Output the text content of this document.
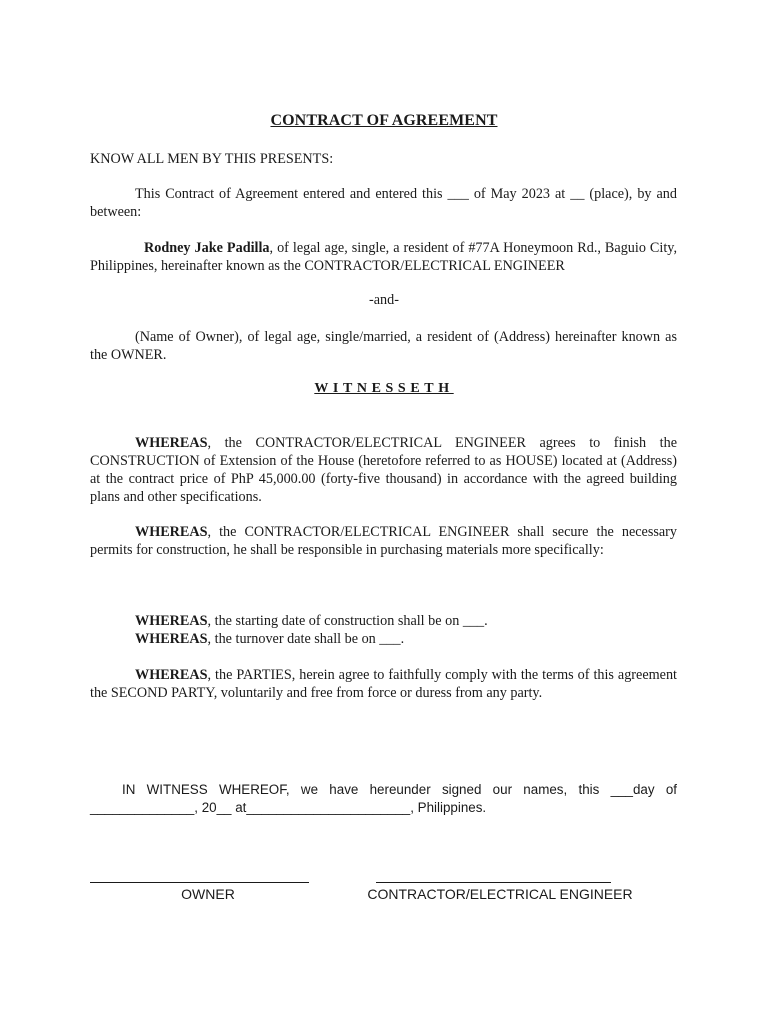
CONTRACT OF AGREEMENT
KNOW ALL MEN BY THIS PRESENTS:
This Contract of Agreement entered and entered this ___ of May 2023 at __ (place), by and between:
Rodney Jake Padilla, of legal age, single, a resident of #77A Honeymoon Rd., Baguio City, Philippines, hereinafter known as the CONTRACTOR/ELECTRICAL ENGINEER
-and-
(Name of Owner), of legal age, single/married, a resident of (Address) hereinafter known as the OWNER.
WITNESSETH
WHEREAS, the CONTRACTOR/ELECTRICAL ENGINEER agrees to finish the CONSTRUCTION of Extension of the House (heretofore referred to as HOUSE) located at (Address) at the contract price of PhP 45,000.00 (forty-five thousand) in accordance with the agreed building plans and other specifications.
WHEREAS, the CONTRACTOR/ELECTRICAL ENGINEER shall secure the necessary permits for construction, he shall be responsible in purchasing materials more specifically:
WHEREAS, the starting date of construction shall be on ___.
WHEREAS, the turnover date shall be on ___.
WHEREAS, the PARTIES, herein agree to faithfully comply with the terms of this agreement the SECOND PARTY, voluntarily and free from force or duress from any party.
IN WITNESS WHEREOF, we have hereunder signed our names, this ___day of ______________, 20__ at______________________, Philippines.
OWNER	CONTRACTOR/ELECTRICAL ENGINEER
